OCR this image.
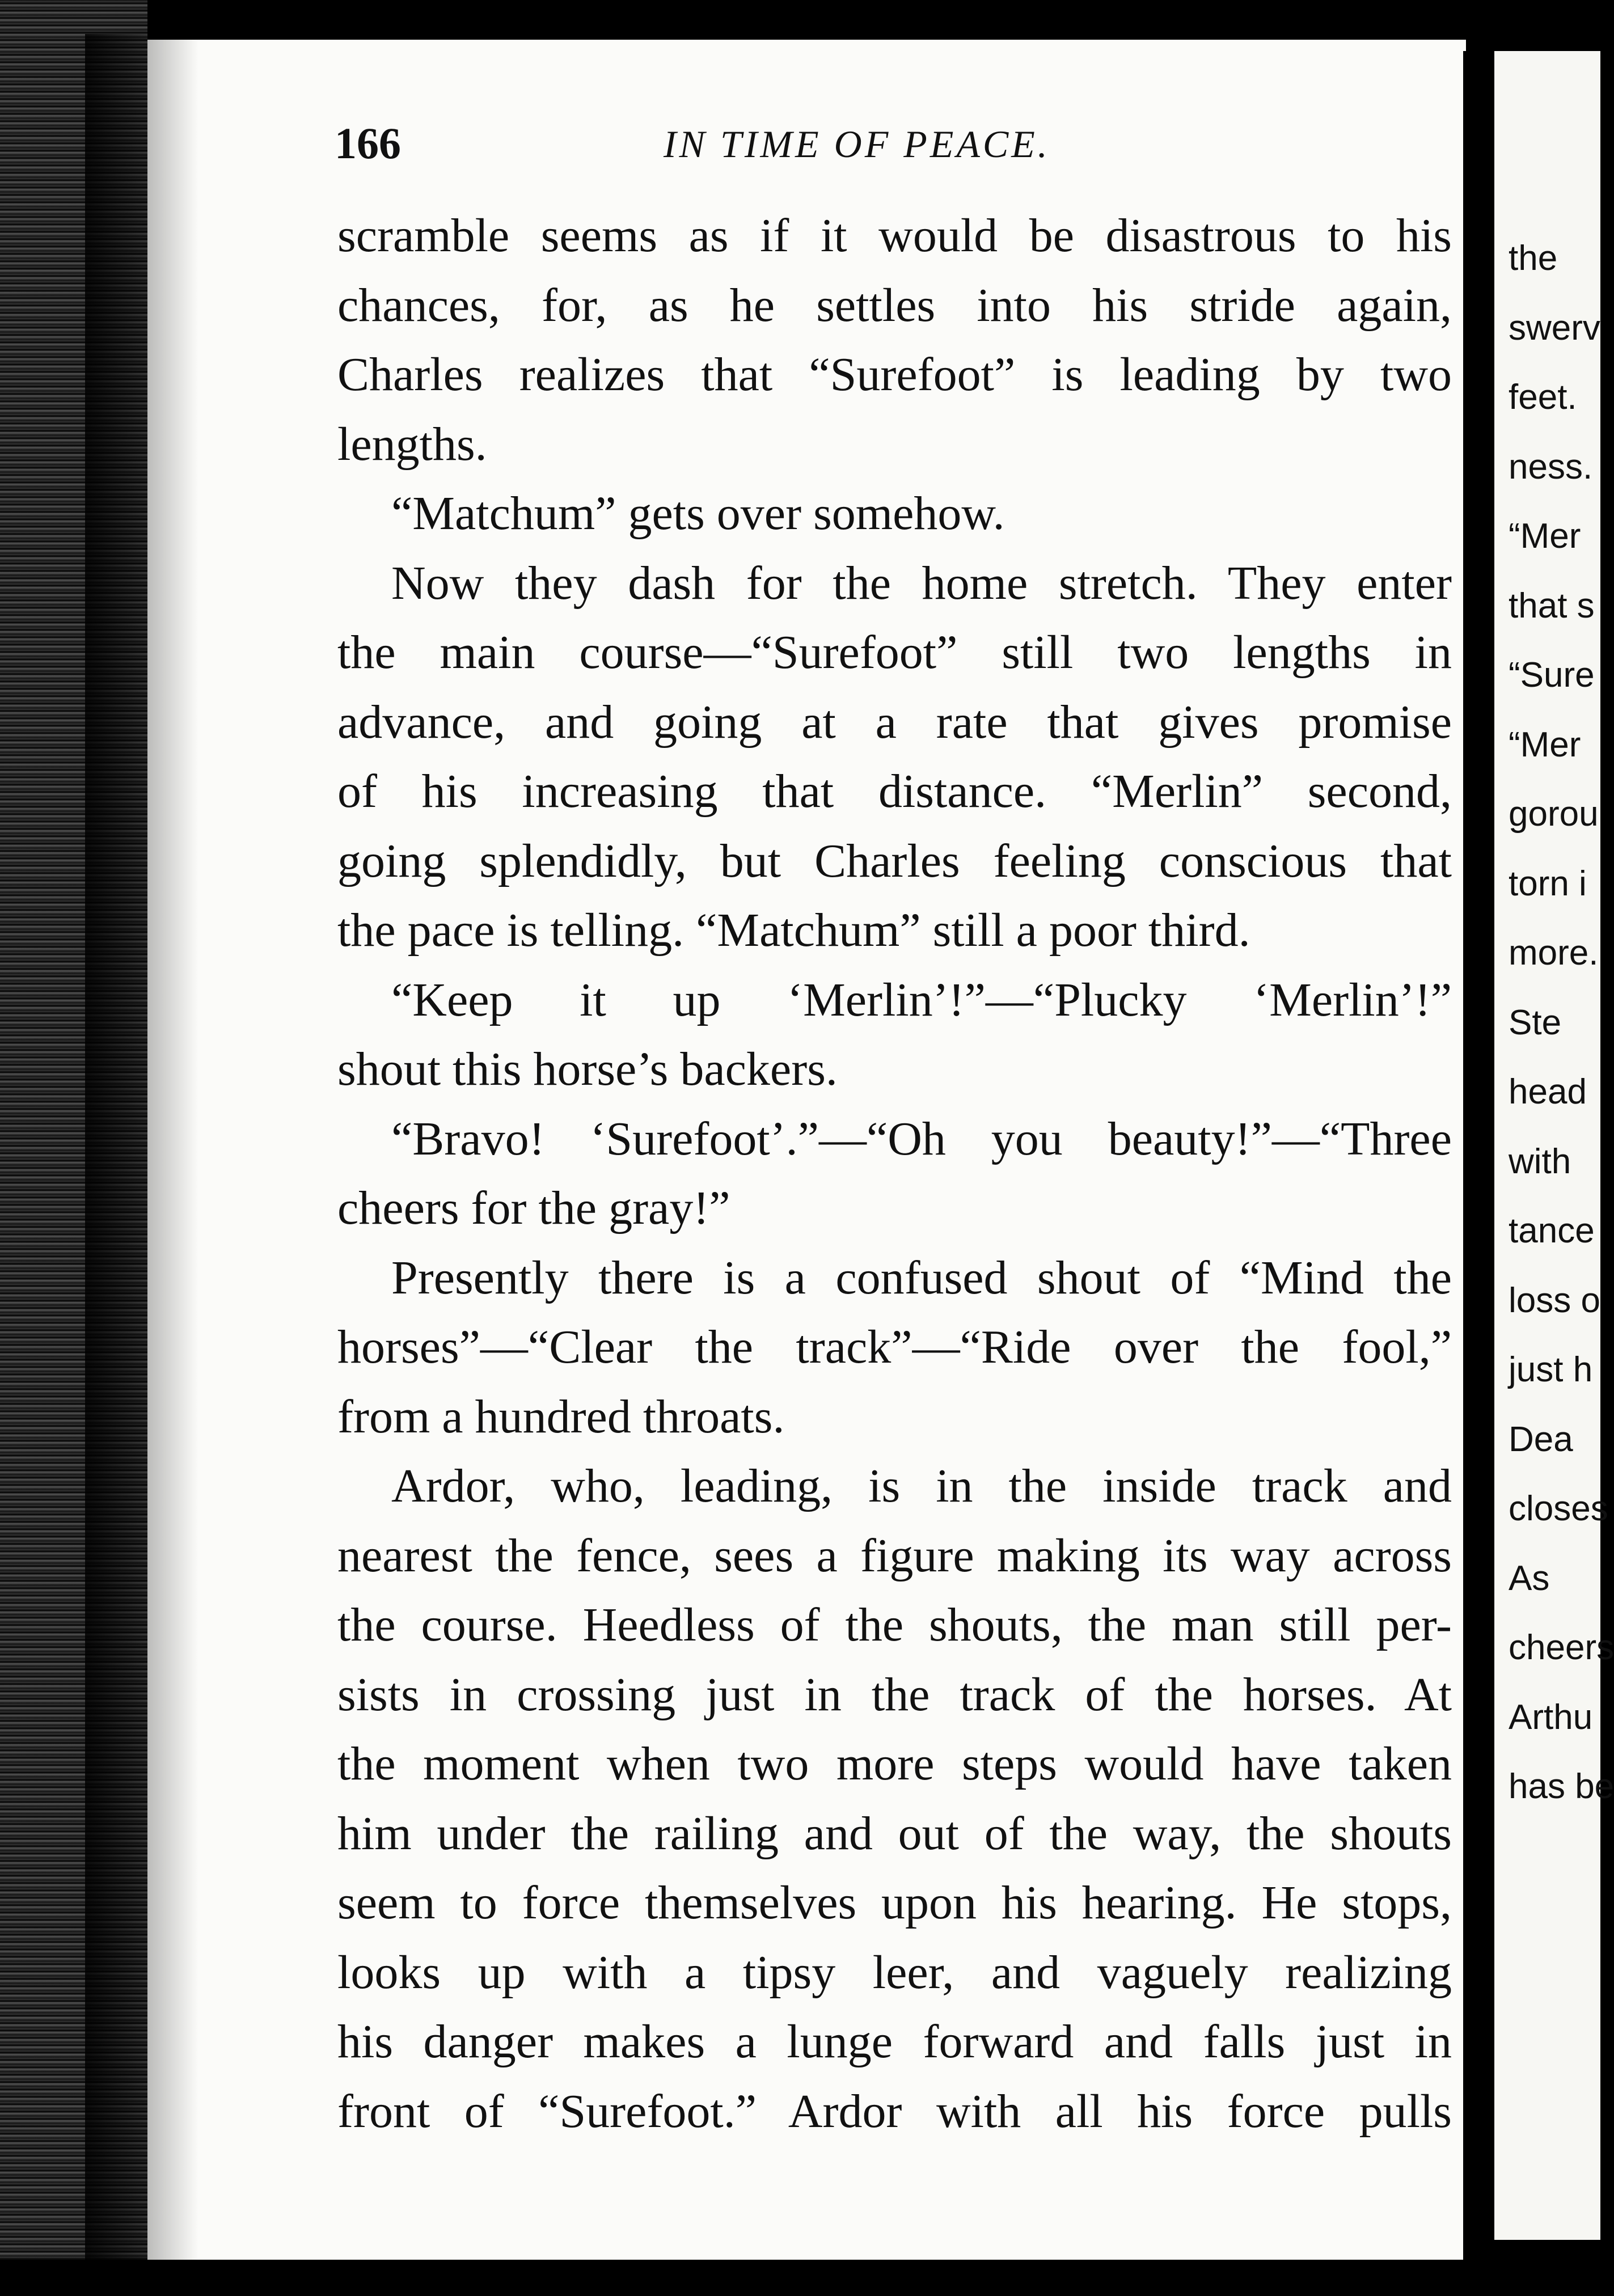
166	IN TIME OF PEACE.
scramble seems as if it would be disastrous to his
chances, for, as he settles into his stride again,
Charles realizes that “Surefoot” is leading by two
lengths.
“Matchum” gets over somehow.
Now they dash for the home stretch. They enter
the main course—“Surefoot” still two lengths in
advance, and going at a rate that gives promise
of his increasing that distance. “Merlin” second,
going splendidly, but Charles feeling conscious that
the pace is telling. “Matchum” still a poor third.
“Keep it up ‘Merlin’!”—“Plucky ‘Merlin’!”
shout this horse’s backers.
“Bravo! ‘Surefoot’.”—“Oh you beauty!”—“Three
cheers for the gray!”
Presently there is a confused shout of “Mind the
horses”—“Clear the track”—“Ride over the fool,”
from a hundred throats.
Ardor, who, leading, is in the inside track and
nearest the fence, sees a figure making its way across
the course. Heedless of the shouts, the man still per-
sists in crossing just in the track of the horses. At
the moment when two more steps would have taken
him under the railing and out of the way, the shouts
seem to force themselves upon his hearing. He stops,
looks up with a tipsy leer, and vaguely realizing
his danger makes a lunge forward and falls just in
front of “Surefoot.” Ardor with all his force pulls
the
swerv
feet.
ness.
“Mer
that s
“Sure
“Mer
gorou
torn i
more.
Ste
head
with
tance
loss o
just h
Dea
closes
As
cheers
Arthu
has be
